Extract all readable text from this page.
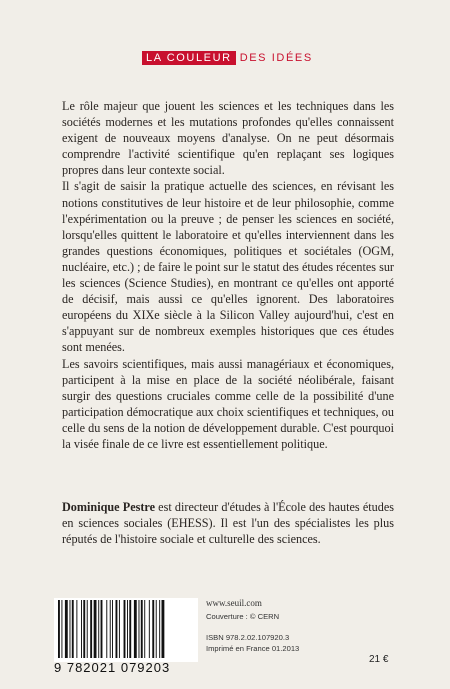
LA COULEUR DES IDÉES

Le rôle majeur que jouent les sciences et les techniques dans les sociétés modernes et les mutations profondes qu'elles connaissent exigent de nouveaux moyens d'analyse. On ne peut désormais comprendre l'activité scientifique qu'en replaçant ses logiques propres dans leur contexte social.

Il s'agit de saisir la pratique actuelle des sciences, en révisant les notions constitutives de leur histoire et de leur philosophie, comme l'expérimentation ou la preuve ; de penser les sciences en société, lorsqu'elles quittent le laboratoire et qu'elles interviennent dans les grandes questions économiques, politiques et sociétales (OGM, nucléaire, etc.) ; de faire le point sur le statut des études récentes sur les sciences (Science Studies), en montrant ce qu'elles ont apporté de décisif, mais aussi ce qu'elles ignorent. Des laboratoires européens du XIXe siècle à la Silicon Valley aujourd'hui, c'est en s'appuyant sur de nombreux exemples historiques que ces études sont menées.

Les savoirs scientifiques, mais aussi managériaux et économiques, participent à la mise en place de la société néolibérale, faisant surgir des questions cruciales comme celle de la possibilité d'une participation démocratique aux choix scientifiques et techniques, ou celle du sens de la notion de développement durable. C'est pourquoi la visée finale de ce livre est essentiellement politique.

Dominique Pestre est directeur d'études à l'École des hautes études en sciences sociales (EHESS). Il est l'un des spécialistes les plus réputés de l'histoire sociale et culturelle des sciences.
9 782021 079203
www.seuil.com
Couverture : © CERN
ISBN 978.2.02.107920.3
Imprimé en France 01.2013
21 €
